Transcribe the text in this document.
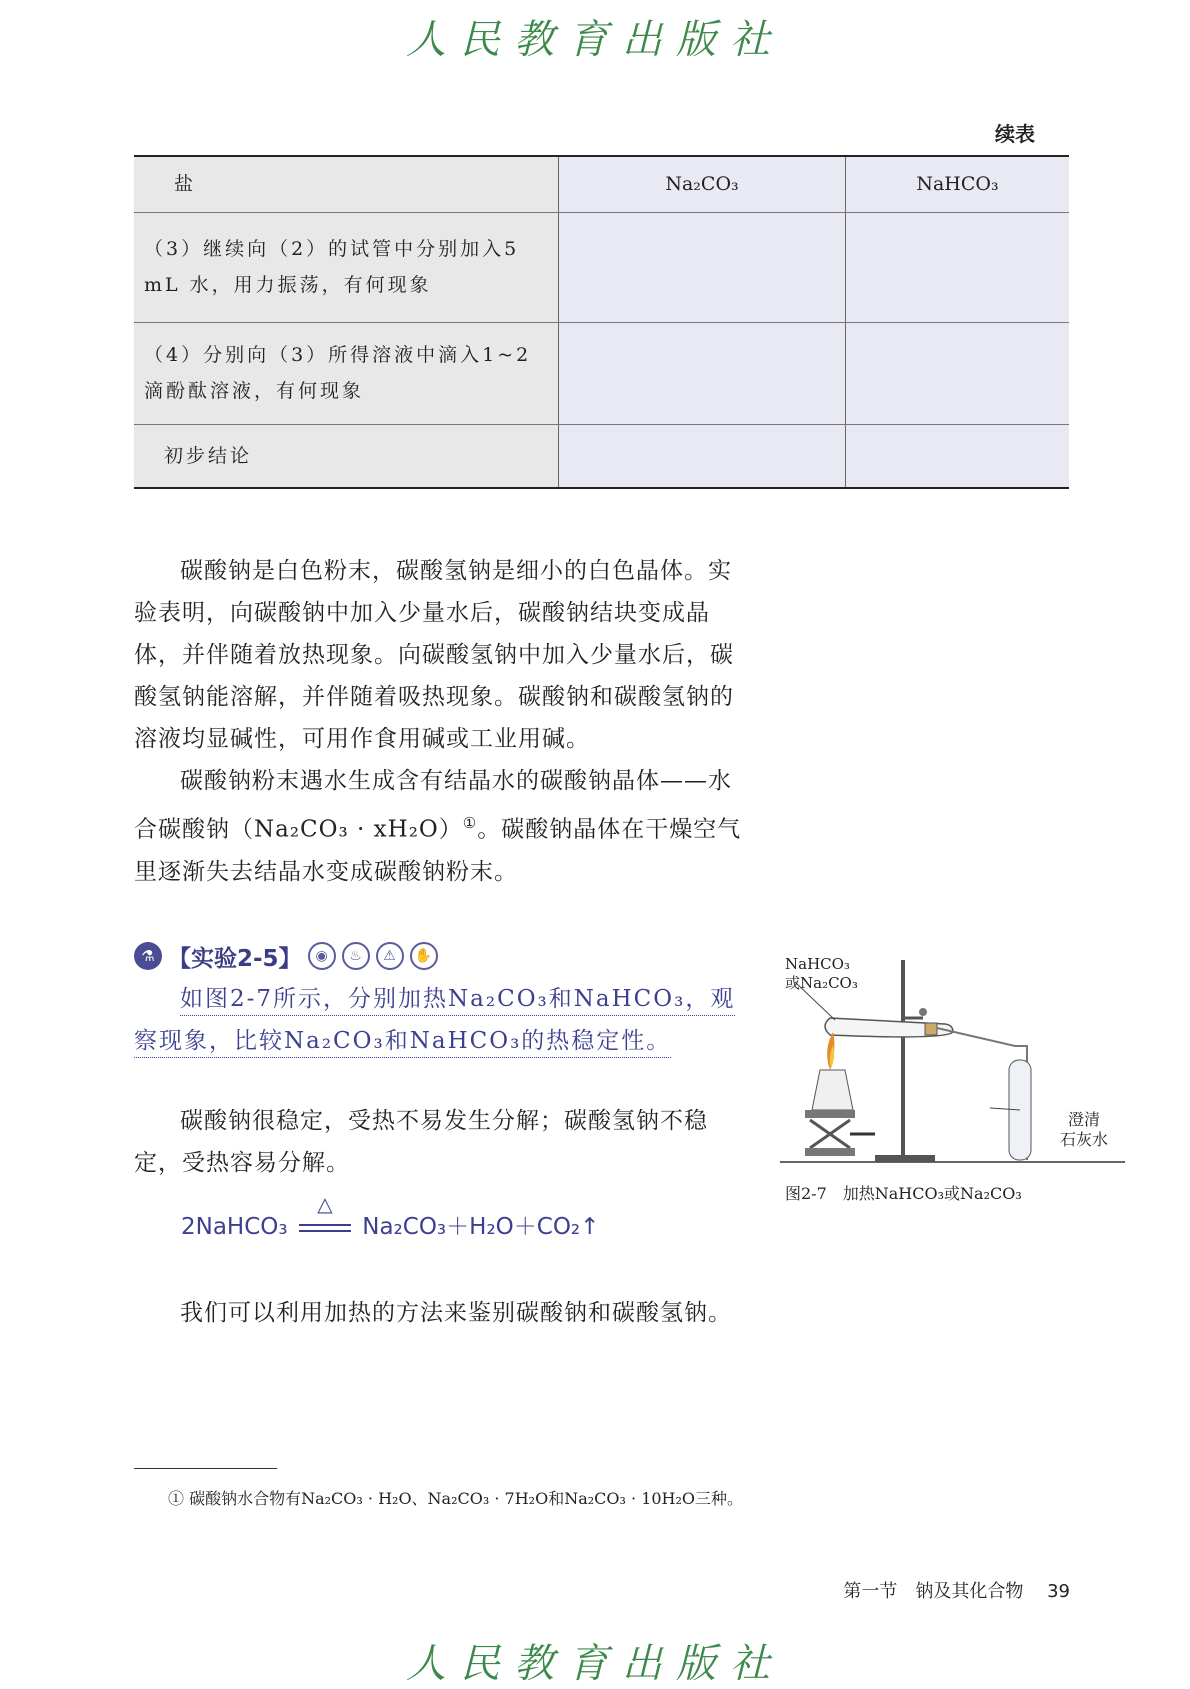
人民教育出版社
续表
盐	Na₂CO₃	NaHCO₃
（3）继续向（2）的试管中分别加入5 mL 水，用力振荡，有何现象		
（4）分别向（3）所得溶液中滴入1~2 滴酚酞溶液，有何现象		
初步结论		
碳酸钠是白色粉末，碳酸氢钠是细小的白色晶体。实验表明，向碳酸钠中加入少量水后，碳酸钠结块变成晶体，并伴随着放热现象。向碳酸氢钠中加入少量水后，碳酸氢钠能溶解，并伴随着吸热现象。碳酸钠和碳酸氢钠的溶液均显碱性，可用作食用碱或工业用碱。
碳酸钠粉末遇水生成含有结晶水的碳酸钠晶体——水合碳酸钠（Na₂CO₃ · xH₂O）①。碳酸钠晶体在干燥空气里逐渐失去结晶水变成碳酸钠粉末。
⚗ 【实验2-5】 ◉	♨	⚠	✋
如图2-7所示，分别加热Na₂CO₃和NaHCO₃，观察现象，比较Na₂CO₃和NaHCO₃的热稳定性。
碳酸钠很稳定，受热不易发生分解；碳酸氢钠不稳定，受热容易分解。
2NaHCO₃
△
Na₂CO₃＋H₂O＋CO₂↑
我们可以利用加热的方法来鉴别碳酸钠和碳酸氢钠。
NaHCO₃
或Na₂CO₃
澄清
石灰水
图2-7　加热NaHCO₃或Na₂CO₃
① 碳酸钠水合物有Na₂CO₃ · H₂O、Na₂CO₃ · 7H₂O和Na₂CO₃ · 10H₂O三种。
第一节　钠及其化合物 39
人民教育出版社
